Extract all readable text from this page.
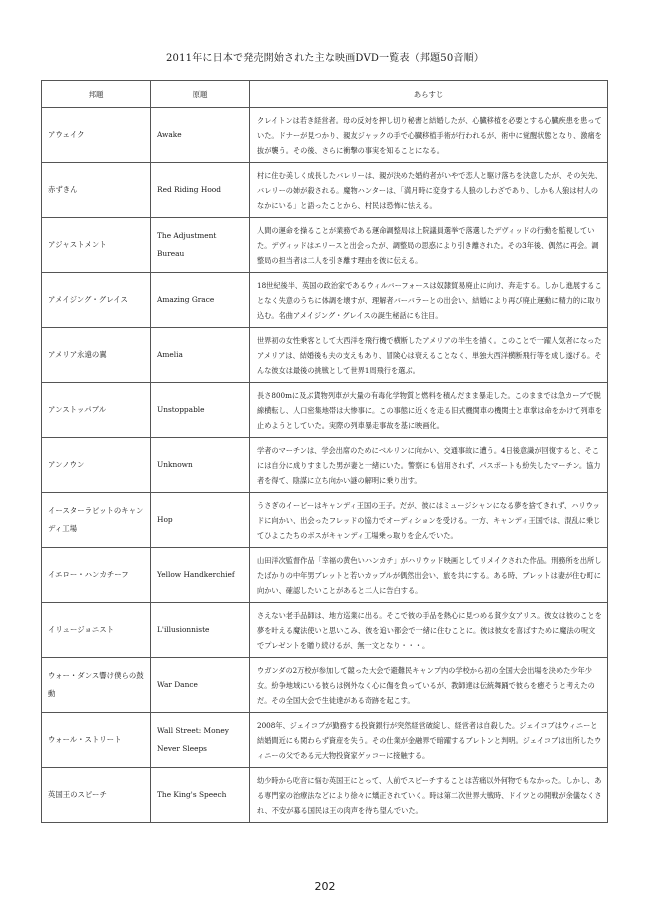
2011年に日本で発売開始された主な映画DVD一覧表（邦題50音順）
邦題	原題	あらすじ
アウェイク	Awake	クレイトンは若き経営者。母の反対を押し切り秘書と結婚したが、心臓移植を必要とする心臓疾患を患っていた。ドナーが見つかり、親友ジャックの手で心臓移植手術が行われるが、術中に覚醒状態となり、激痛を抜が襲う。その後、さらに衝撃の事実を知ることになる。
赤ずきん	Red Riding Hood	村に住む美しく成長したバレリーは、親が決めた婚約者がいやで恋人と駆け落ちを決意したが、その矢先、バレリーの姉が殺される。魔物ハンターは、「満月時に変身する人狼のしわざであり、しかも人狼は村人のなかにいる」と語ったことから、村民は恐怖に怯える。
アジャストメント	The Adjustment Bureau	人間の運命を操ることが業務である運命調整局は上院議員選挙で落選したデヴィッドの行動を監視していた。デヴィッドはエリースと出会ったが、調整局の思惑により引き離された。その3年後、偶然に再会。調整局の担当者は二人を引き離す理由を彼に伝える。
アメイジング・グレイス	Amazing Grace	18世紀後半、英国の政治家であるウィルバーフォースは奴隷貿易廃止に向け、奔走する。しかし進展することなく失意のうちに体調を壊すが、理解者バーバラーとの出会い、結婚により再び廃止運動に精力的に取り込む。名曲アメイジング・グレイスの誕生秘話にも注目。
アメリア永遠の翼	Amelia	世界初の女性乗客として大西洋を飛行機で横断したアメリアの半生を描く。このことで一躍人気者になったアメリアは、結婚後も夫の支えもあり、冒険心は衰えることなく、単独大西洋横断飛行等を成し遂げる。そんな彼女は最後の挑戦として世界1周飛行を選ぶ。
アンストッパブル	Unstoppable	長さ800mに及ぶ貨物列車が大量の有毒化学物質と燃料を積んだまま暴走した。このままでは急カーブで脱線横転し、人口密集地帯は大惨事に。この事態に近くを走る旧式機関車の機関士と車掌は命をかけて列車を止めようとしていた。実際の列車暴走事故を基に映画化。
アンノウン	Unknown	学者のマーチンは、学会出席のためにベルリンに向かい、交通事故に遭う。4日後意識が回復すると、そこには自分に成りすました男が妻と一緒にいた。警察にも信用されず、パスポートも紛失したマーチン。協力者を得て、陰謀に立ち向かい謎の解明に乗り出す。
イースターラビットのキャンディ工場	Hop	うさぎのイービーはキャンディ王国の王子。だが、彼にはミュージシャンになる夢を捨てきれず、ハリウッドに向かい、出会ったフレッドの協力でオーディションを受ける。一方、キャンディ王国では、混乱に乗じてひよこたちのボスがキャンディ工場乗っ取りを企んでいた。
イエロー・ハンカチーフ	Yellow Handkerchief	山田洋次監督作品「幸福の黄色いハンカチ」がハリウッド映画としてリメイクされた作品。刑務所を出所したばかりの中年男ブレットと若いカップルが偶然出会い、旅を共にする。ある時、ブレットは妻が住む町に向かい、確認したいことがあると二人に告白する。
イリュージョニスト	L'illusionniste	さえない老手品師は、地方巡業に出る。そこで彼の手品を熱心に見つめる貧少女アリス。彼女は彼のことを夢を叶える魔法使いと思いこみ、彼を追い都会で一緒に住むことに。彼は彼女を喜ばすために魔法の呪文でプレゼントを贈り続けるが、無一文となり・・・。
ウォー・ダンス響け僕らの鼓動	War Dance	ウガンダの2万校が参加して競った大会で避難民キャンプ内の学校から初の全国大会出場を決めた少年少女。紛争地域にいる彼らは例外なく心に傷を負っているが、教師達は伝統舞踊で彼らを癒そうと考えたのだ。その全国大会で生徒達がある奇跡を起こす。
ウォール・ストリート	Wall Street: Money Never Sleeps	2008年、ジェイコブが勤務する投資銀行が突然経営破綻し、経営者は自殺した。ジェイコブはウィニーと結婚間近にも関わらず資産を失う。その仕業が金融界で暗躍するブレトンと判明。ジェイコブは出所したウィニーの父である元大物投資家ゲッコーに接触する。
英国王のスピーチ	The King's Speech	幼少時から吃音に悩む英国王にとって、人前でスピーチすることは苦痛以外何物でもなかった。しかし、ある専門家の治療法などにより徐々に矯正されていく。時は第二次世界大戦時、ドイツとの開戦が余儀なくされ、不安が募る国民は王の肉声を待ち望んでいた。
202
